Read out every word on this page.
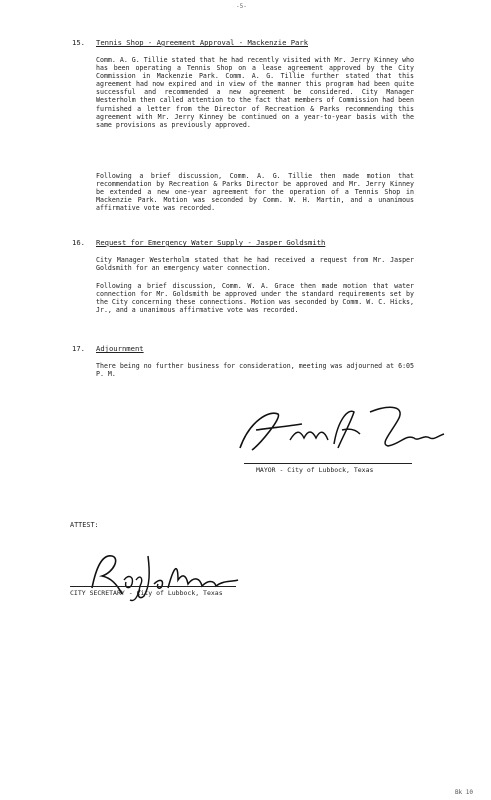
-5-
15.	Tennis Shop - Agreement Approval - Mackenzie Park
Comm. A. G. Tillie stated that he had recently visited with Mr. Jerry Kinney who has been operating a Tennis Shop on a lease agreement approved by the City Commission in Mackenzie Park. Comm. A. G. Tillie further stated that this agreement had now expired and in view of the manner this program had been quite successful and recommended a new agreement be considered. City Manager Westerholm then called attention to the fact that members of Commission had been furnished a letter from the Director of Recreation & Parks recommending this agreement with Mr. Jerry Kinney be continued on a year-to-year basis with the same provisions as previously approved.
Following a brief discussion, Comm. A. G. Tillie then made motion that recommendation by Recreation & Parks Director be approved and Mr. Jerry Kinney be extended a new one-year agreement for the operation of a Tennis Shop in Mackenzie Park. Motion was seconded by Comm. W. H. Martin, and a unanimous affirmative vote was recorded.
16.	Request for Emergency Water Supply - Jasper Goldsmith
City Manager Westerholm stated that he had received a request from Mr. Jasper Goldsmith for an emergency water connection.
Following a brief discussion, Comm. W. A. Grace then made motion that water connection for Mr. Goldsmith be approved under the standard requirements set by the City concerning these connections. Motion was seconded by Comm. W. C. Hicks, Jr., and a unanimous affirmative vote was recorded.
17.	Adjournment
There being no further business for consideration, meeting was adjourned at 6:05 P. M.
MAYOR - City of Lubbock, Texas
ATTEST:
CITY SECRETARY - City of Lubbock, Texas
Bk 10
